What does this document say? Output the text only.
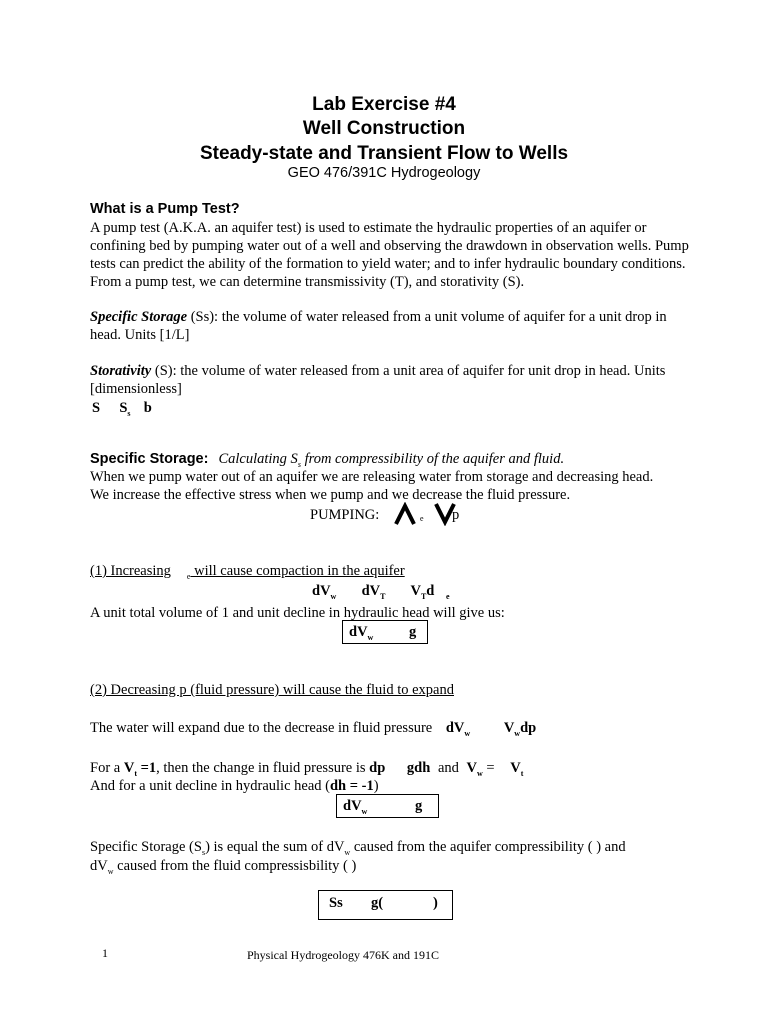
Lab Exercise #4
Well Construction
Steady-state and Transient Flow to Wells
GEO 476/391C Hydrogeology
What is a Pump Test?
A pump test (A.K.A. an aquifer test) is used to estimate the hydraulic properties of an aquifer or confining bed by pumping water out of a well and observing the drawdown in observation wells. Pump tests can predict the ability of the formation to yield water; and to infer hydraulic boundary conditions. From a pump test, we can determine transmissivity (T), and storativity (S).
Specific Storage (Ss): the volume of water released from a unit volume of aquifer for a unit drop in head. Units [1/L]
Storativity (S): the volume of water released from a unit area of aquifer for unit drop in head. Units [dimensionless]
S $S_s$ b
Specific Storage: Calculating $S_s$ from compressibility of the aquifer and fluid.
When we pump water out of an aquifer we are releasing water from storage and decreasing head.
We increase the effective stress when we pump and we decrease the fluid pressure.
PUMPING:	e p
(1) Increasing $_e$ will cause compaction in the aquifer
$dV_w$ $dV_T$ $V_Td$ $_e$
A unit total volume of 1 and unit decline in hydraulic head will give us:
$dV_w$ g
(2) Decreasing p (fluid pressure) will cause the fluid to expand
The water will expand due to the decrease in fluid pressure $dV_w$ $V_wdp$
For a $V_t =1$, then the change in fluid pressure is dp gdh and $V_w = V_t$
And for a unit decline in hydraulic head (dh = -1)
$dV_w$	g
Specific Storage $(S_s)$ is equal the sum of $dV_w$ caused from the aquifer compressibility ( ) and
$dV_w$ caused from the fluid compressisbility ( )
Ss g(	)
1	Physical Hydrogeology 476K and 191C
